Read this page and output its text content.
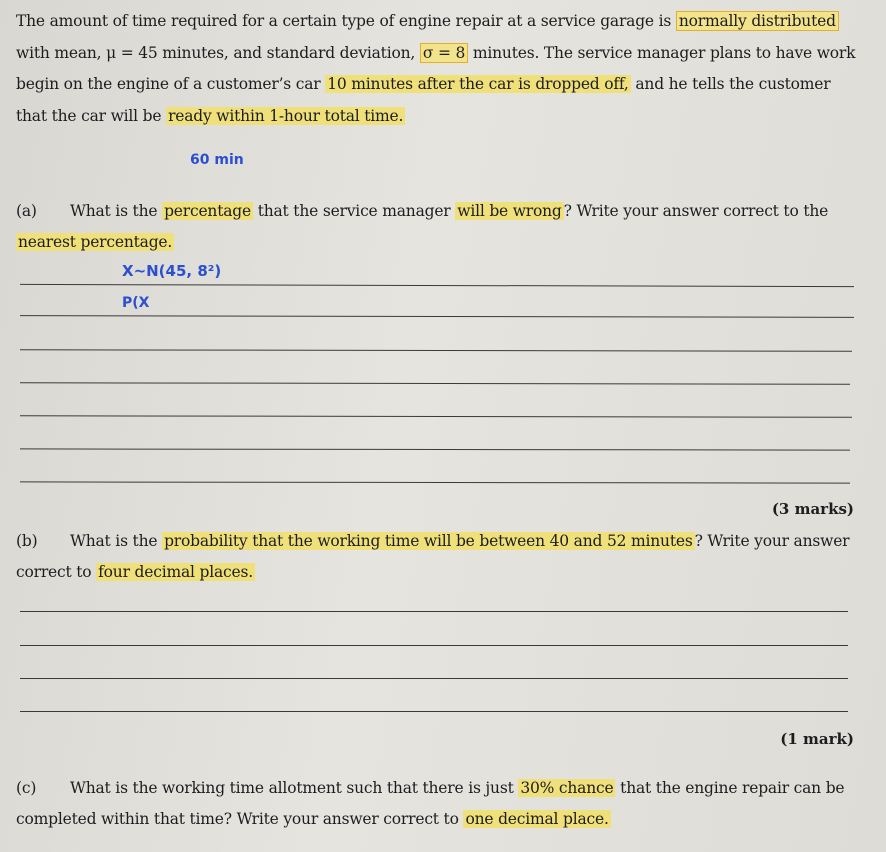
The amount of time required for a certain type of engine repair at a service garage is normally distributed with mean, μ = 45 minutes, and standard deviation, σ = 8 minutes. The service manager plans to have work begin on the engine of a customer’s car 10 minutes after the car is dropped off, and he tells the customer that the car will be ready within 1-hour total time.
60 min
(a) What is the percentage that the service manager will be wrong ? Write your answer correct to the nearest percentage.
X~N(45, 8²)
P(X
(3 marks)
(b) What is the probability that the working time will be between 40 and 52 minutes ? Write your answer correct to four decimal places.
(1 mark)
(c) What is the working time allotment such that there is just 30% chance that the engine repair can be completed within that time? Write your answer correct to one decimal place.
